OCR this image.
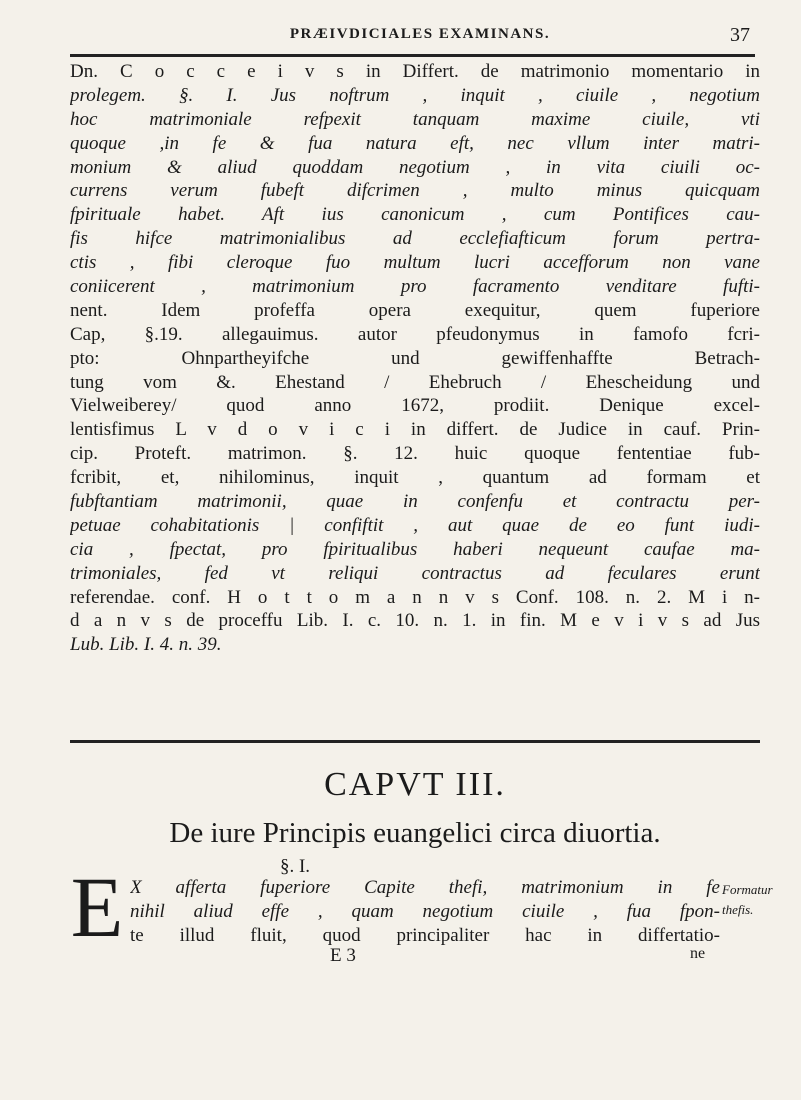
PRÆIVDICIALES EXAMINANS.	37
Dn. C o c c e i v s in Differt. de matrimonio momentario in
prolegem. §. I. Jus noftrum , inquit , ciuile , negotium
hoc matrimoniale refpexit tanquam maxime ciuile, vti
quoque ,in fe & fua natura eft, nec vllum inter matri-
monium & aliud quoddam negotium , in vita ciuili oc-
currens verum fubeft difcrimen , multo minus quicquam
fpirituale habet. Aft ius canonicum , cum Pontifices cau-
fis hifce matrimonialibus ad ecclefiafticum forum pertra-
ctis , fibi cleroque fuo multum lucri accefforum non vane
coniicerent , matrimonium pro facramento venditare fufti-
nent. Idem profeffa opera exequitur, quem fuperiore
Cap, §.19. allegauimus. autor pfeudonymus in famofo fcri-
pto: Ohnpartheyifche und gewiffenhaffte Betrach-
tung vom &. Ehestand / Ehebruch / Ehescheidung und
Vielweiberey/ quod anno 1672, prodiit. Denique excel-
lentisfimus L v d o v i c i in differt. de Judice in cauf. Prin-
cip. Proteft. matrimon. §. 12. huic quoque fententiae fub-
fcribit, et, nihilominus, inquit , quantum ad formam et
fubftantiam matrimonii, quae in confenfu et contractu per-
petuae cohabitationis | confiftit , aut quae de eo funt iudi-
cia , fpectat, pro fpiritualibus haberi nequeunt caufae ma-
trimoniales, fed vt reliqui contractus ad feculares erunt
referendae. conf. H o t t o m a n n v s Conf. 108. n. 2. M i n-
d a n v s de proceffu Lib. I. c. 10. n. 1. in fin. M e v i v s ad Jus
Lub. Lib. I. 4. n. 39.
CAPVT III.
De iure Principis euangelici circa diuortia.
§. I.
E X afferta fuperiore Capite thefi, matrimonium in fe
nihil aliud effe , quam negotium ciuile , fua fpon-
te illud fluit, quod principaliter hac in differtatio-
Formatur thefis.
E 3	ne
